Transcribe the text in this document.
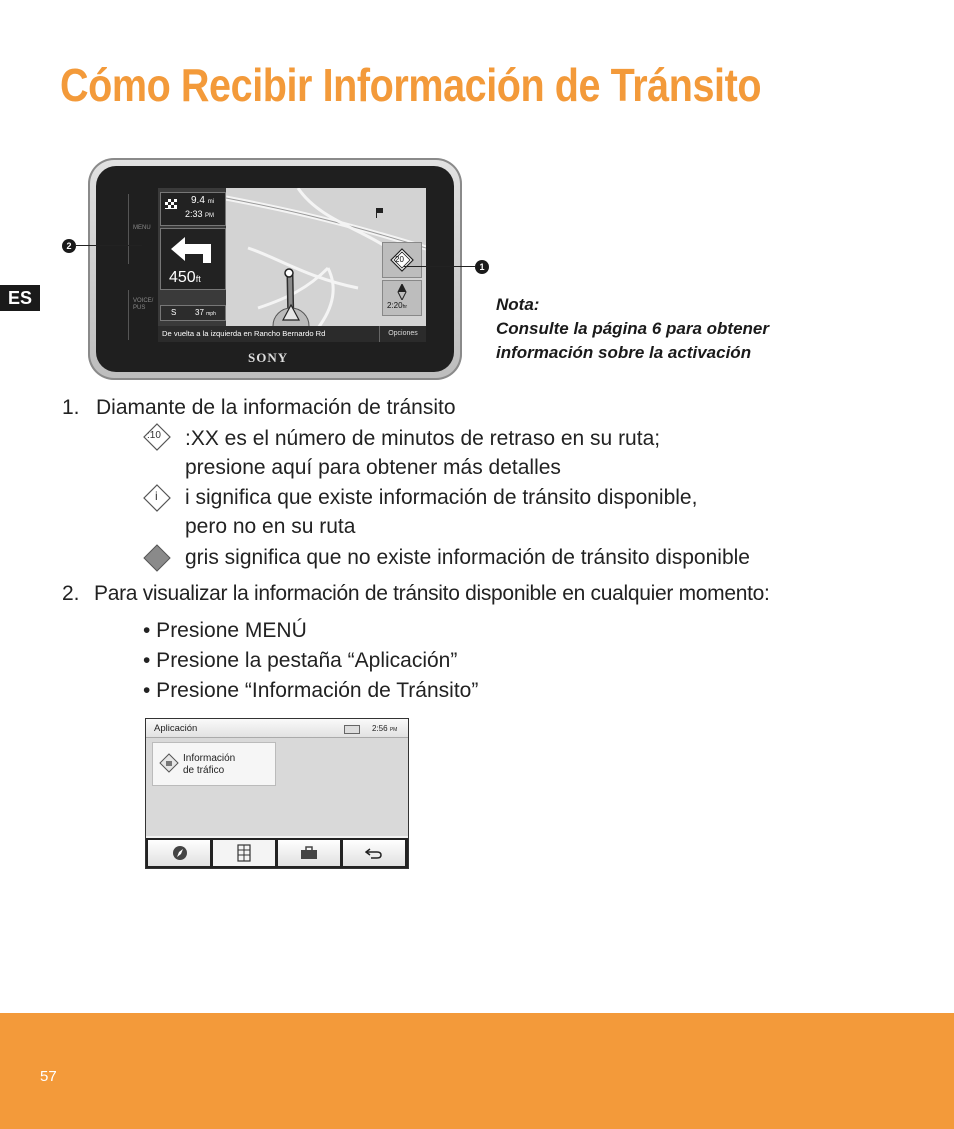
Cómo Recibir Información de Tránsito
ES
MENU
VOICE/
PUS
9.4 mi
2:33 PM
450ft
S 37 mph
20
2:20hr
De vuelta a la izquierda en Rancho Bernardo Rd	Opciones
SONY
2
1
Nota:
Consulte la página 6 para obtener
información sobre la activación
1. Diamante de la información de tránsito
:10 :XX es el número de minutos de retraso en su ruta;
presione aquí para obtener más detalles
i i significa que existe información de tránsito disponible,
pero no en su ruta
gris significa que no existe información de tránsito disponible
2. Para visualizar la información de tránsito disponible en cualquier momento:
• Presione MENÚ
• Presione la pestaña “Aplicación”
• Presione “Información de Tránsito”
Aplicación	2:56 PM
Información
de tráfico
57
